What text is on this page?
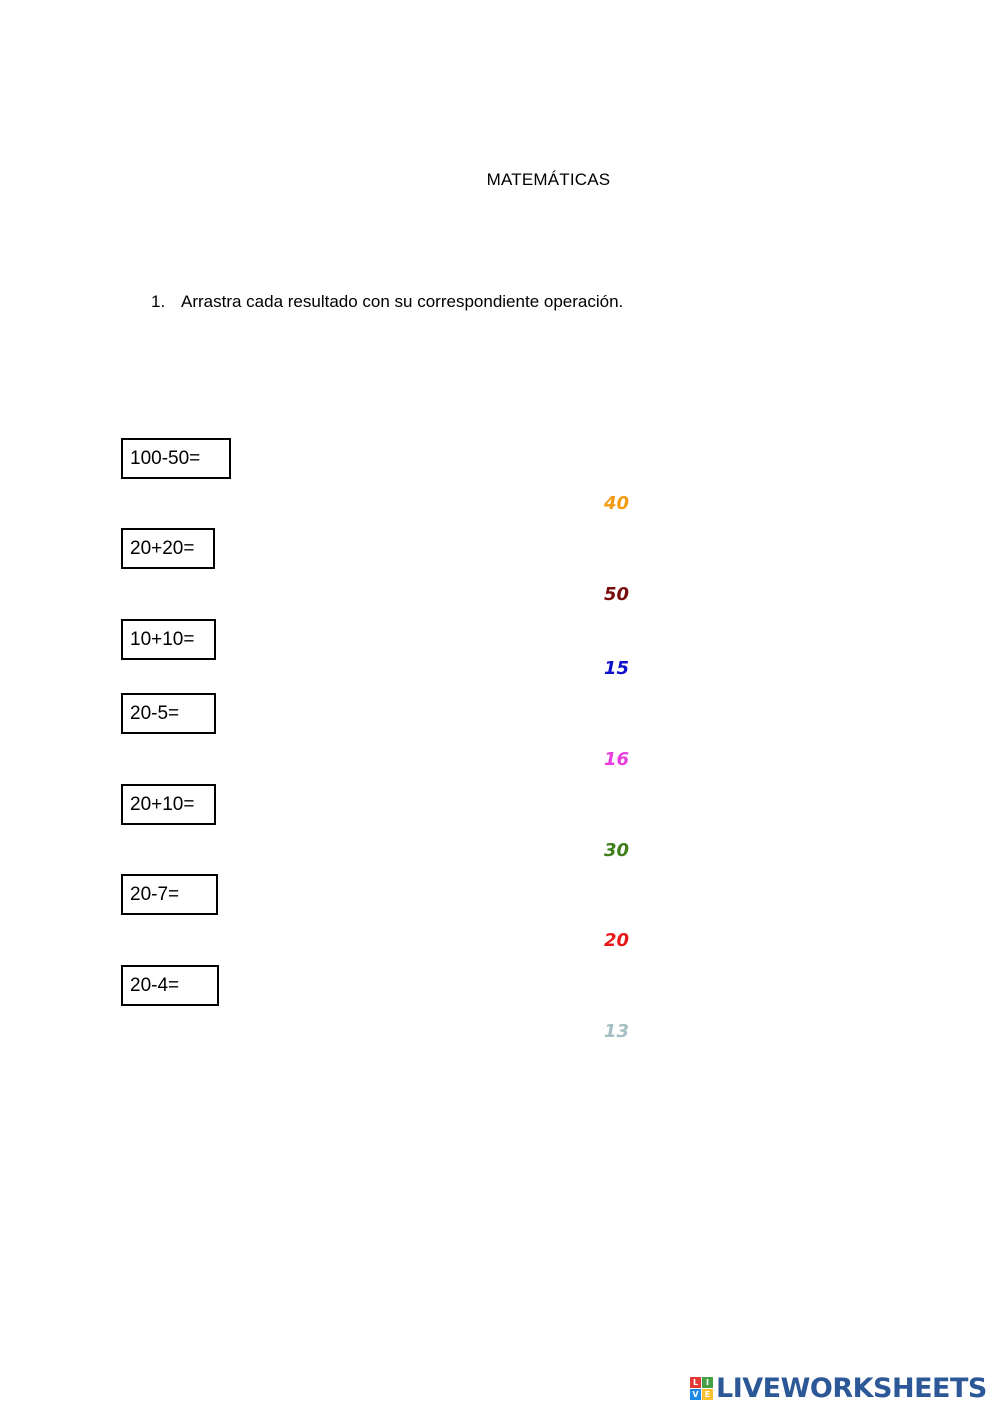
MATEMÁTICAS
1. Arrastra cada resultado con su correspondiente operación.
100-50=
20+20=
10+10=
20-5=
20+10=
20-7=
20-4=
40
50
15
16
30
20
13
L I
V E LIVEWORKSHEETS
